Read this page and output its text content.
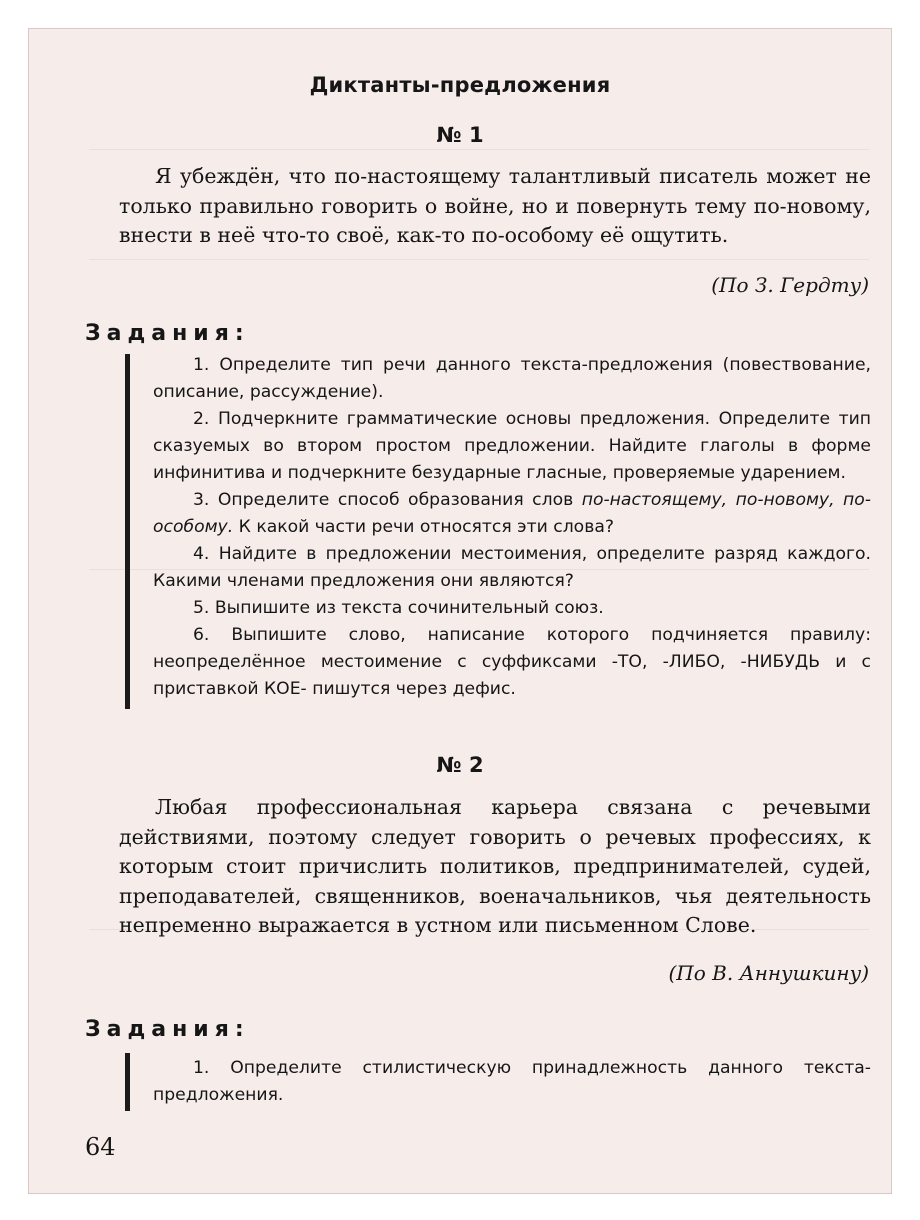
Диктанты-предложения
№ 1

Я убеждён, что по-настоящему талантливый писатель может не только правильно говорить о войне, но и повернуть тему по-новому, внести в неё что-то своё, как-то по-особому её ощутить.

(По З. Гердту)
Задания:

1. Определите тип речи данного текста-предложения (повествование, описание, рассуждение).

2. Подчеркните грамматические основы предложения. Определите тип сказуемых во втором простом предложении. Найдите глаголы в форме инфинитива и подчеркните безударные гласные, проверяемые ударением.

3. Определите способ образования слов по-настоящему, по-новому, по-особому. К какой части речи относятся эти слова?

4. Найдите в предложении местоимения, определите разряд каждого. Какими членами предложения они являются?

5. Выпишите из текста сочинительный союз.

6. Выпишите слово, написание которого подчиняется правилу: неопределённое местоимение с суффиксами -ТО, -ЛИБО, -НИБУДЬ и с приставкой КОЕ- пишутся через дефис.

№ 2

Любая профессиональная карьера связана с речевыми действиями, поэтому следует говорить о речевых профессиях, к которым стоит причислить политиков, предпринимателей, судей, преподавателей, священников, военачальников, чья деятельность непременно выражается в устном или письменном Слове.

(По В. Аннушкину)
Задания:

1. Определите стилистическую принадлежность данного текста-предложения.

64
